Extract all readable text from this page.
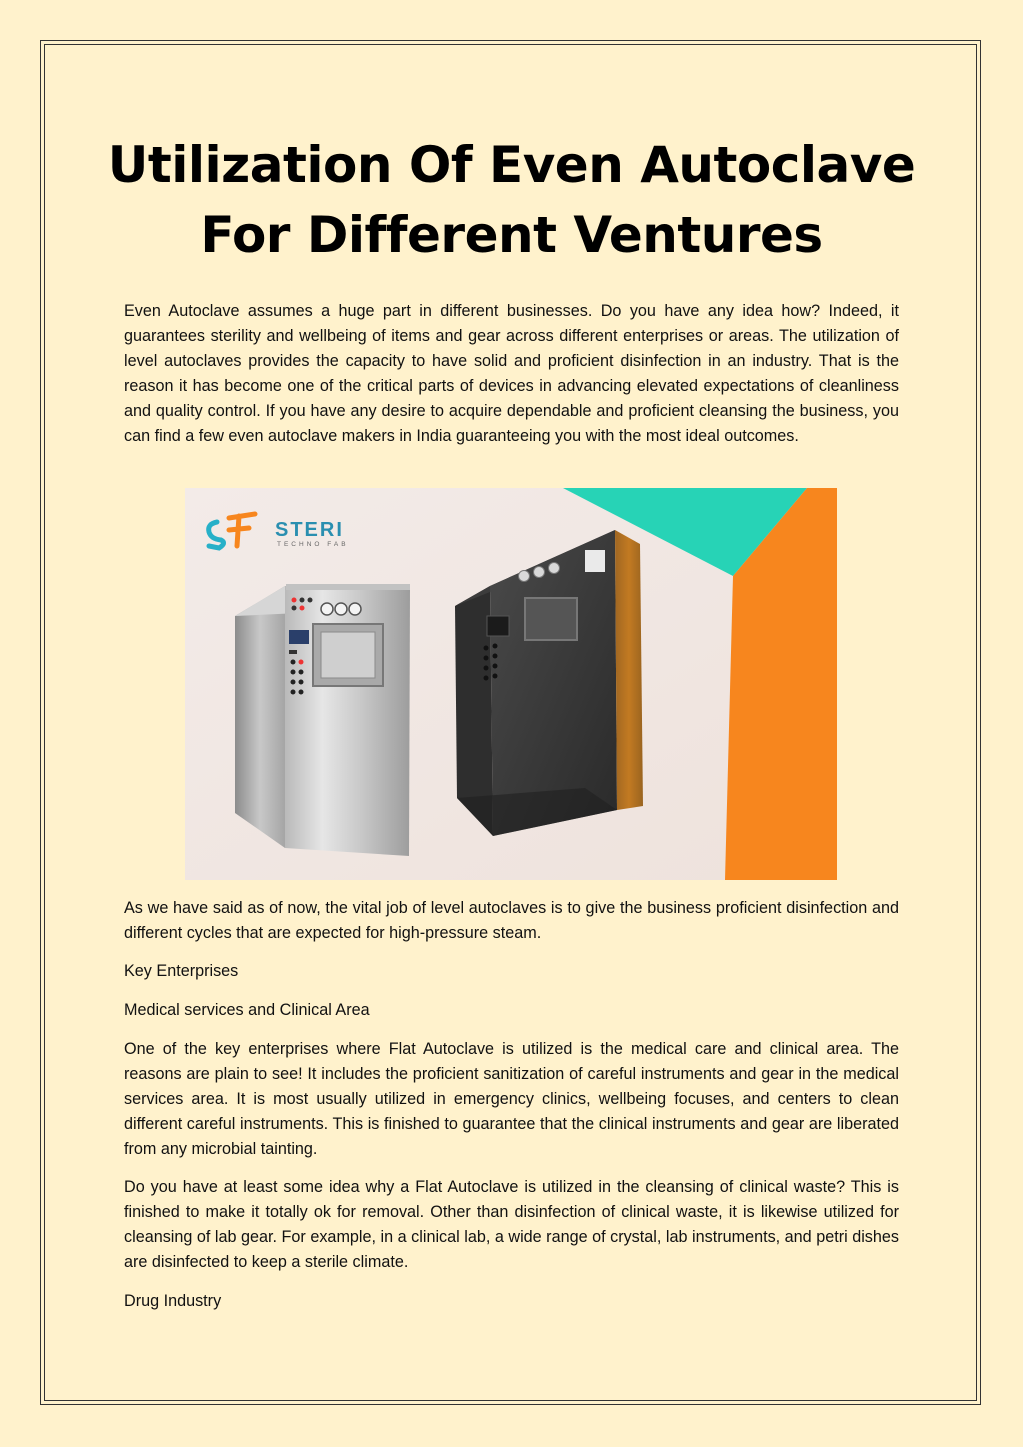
Utilization Of Even Autoclave
For Different Ventures

Even Autoclave assumes a huge part in different businesses. Do you have any idea how? Indeed, it guarantees sterility and wellbeing of items and gear across different enterprises or areas. The utilization of level autoclaves provides the capacity to have solid and proficient disinfection in an industry. That is the reason it has become one of the critical parts of devices in advancing elevated expectations of cleanliness and quality control. If you have any desire to acquire dependable and proficient cleansing the business, you can find a few even autoclave makers in India guaranteeing you with the most ideal outcomes.

STERI
TECHNO FAB

As we have said as of now, the vital job of level autoclaves is to give the business proficient disinfection and different cycles that are expected for high-pressure steam.

Key Enterprises

Medical services and Clinical Area

One of the key enterprises where Flat Autoclave is utilized is the medical care and clinical area. The reasons are plain to see! It includes the proficient sanitization of careful instruments and gear in the medical services area. It is most usually utilized in emergency clinics, wellbeing focuses, and centers to clean different careful instruments. This is finished to guarantee that the clinical instruments and gear are liberated from any microbial tainting.

Do you have at least some idea why a Flat Autoclave is utilized in the cleansing of clinical waste? This is finished to make it totally ok for removal. Other than disinfection of clinical waste, it is likewise utilized for cleansing of lab gear. For example, in a clinical lab, a wide range of crystal, lab instruments, and petri dishes are disinfected to keep a sterile climate.

Drug Industry
